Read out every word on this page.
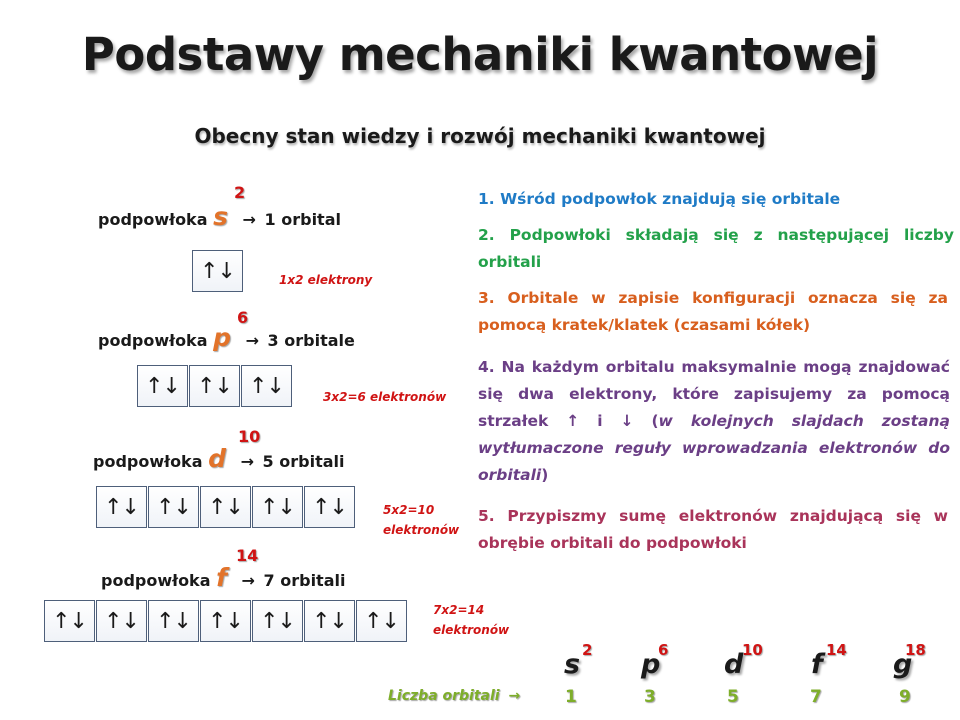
Podstawy mechaniki kwantowej
Obecny stan wiedzy i rozwój mechaniki kwantowej
2
podpowłoka s → 1 orbital
↑↓	1x2 elektrony
6
podpowłoka p → 3 orbitale
↑↓ ↑↓ ↑↓	3x2=6 elektronów
10
podpowłoka d → 5 orbitali
↑↓ ↑↓ ↑↓ ↑↓ ↑↓	5x2=10
elektronów
14
podpowłoka f → 7 orbitali
↑↓ ↑↓ ↑↓ ↑↓ ↑↓ ↑↓ ↑↓	7x2=14
elektronów
1. Wśród podpowłok znajdują się orbitale
2. Podpowłoki składają się z następującej liczby orbitali
3. Orbitale w zapisie konfiguracji oznacza się za pomocą kratek/klatek (czasami kółek)
4. Na każdym orbitalu maksymalnie mogą znajdować się dwa elektrony, które zapisujemy za pomocą strzałek ↑ i ↓ (w kolejnych slajdach zostaną wytłumaczone reguły wprowadzania elektronów do orbitali)
5. Przypiszmy sumę elektronów znajdującą się w obrębie orbitali do podpowłoki
2	6	10	14	18
s p d	f	g
Liczba orbitali →	1	3	5	7	9
